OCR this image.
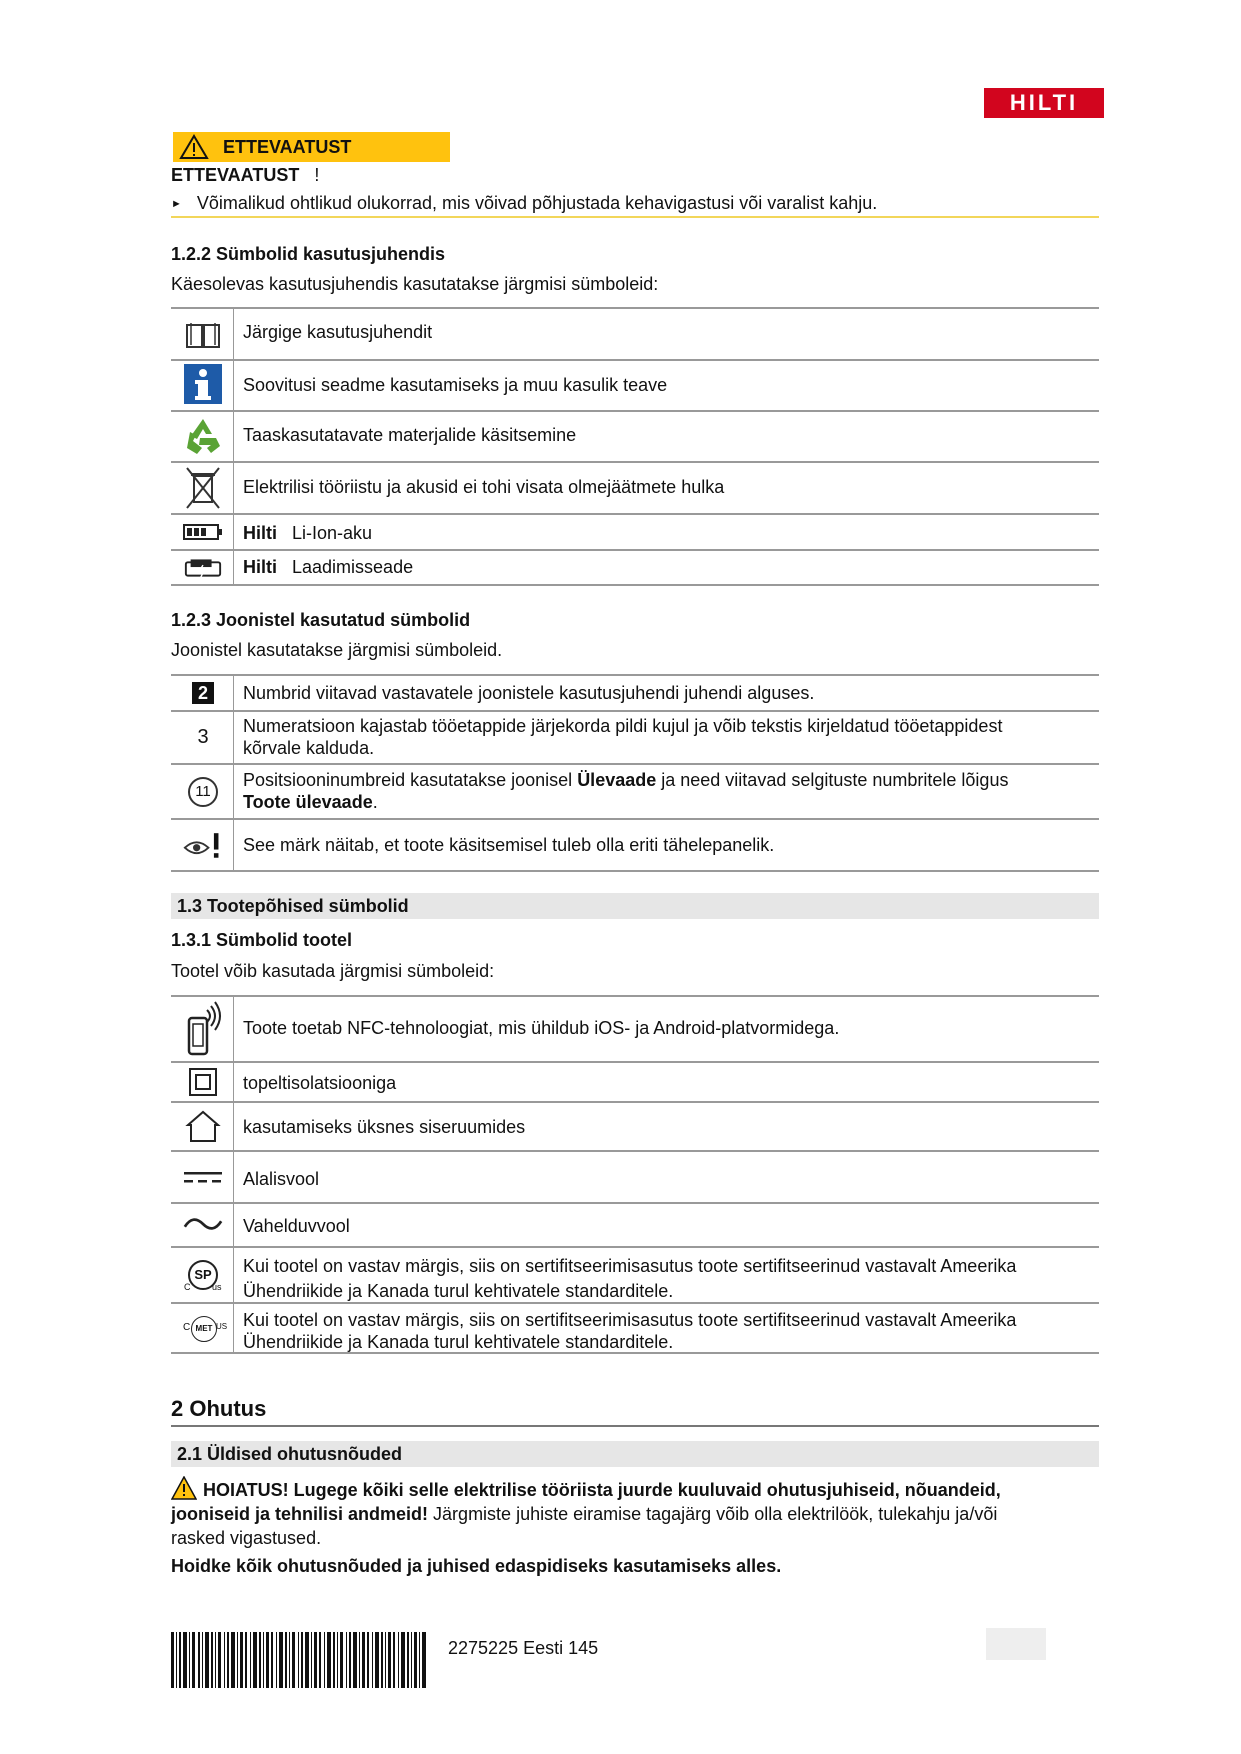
HILTI
ETTEVAATUST
ETTEVAATUST !
► Võimalikud ohtlikud olukorrad, mis võivad põhjustada kehavigastusi või varalist kahju.
1.2.2 Sümbolid kasutusjuhendis
Käesolevas kasutusjuhendis kasutatakse järgmisi sümboleid:
Järgige kasutusjuhendit
Soovitusi seadme kasutamiseks ja muu kasulik teave
Taaskasutatavate materjalide käsitsemine
Elektrilisi tööriistu ja akusid ei tohi visata olmejäätmete hulka
Hilti Li-Ion-aku
Hilti Laadimisseade
1.2.3 Joonistel kasutatud sümbolid
Joonistel kasutatakse järgmisi sümboleid.
2	Numbrid viitavad vastavatele joonistele kasutusjuhendi juhendi alguses.
3 Numeratsioon kajastab tööetappide järjekorda pildi kujul ja võib tekstis kirjeldatud tööetappidest
kõrvale kalduda.
11
Positsiooninumbreid kasutatakse joonisel Ülevaade ja need viitavad selgituste numbritele lõigus
Toote ülevaade.
See märk näitab, et toote käsitsemisel tuleb olla eriti tähelepanelik.
1.3 Tootepõhised sümbolid
1.3.1 Sümbolid tootel
Tootel võib kasutada järgmisi sümboleid:
Toote toetab NFC-tehnoloogiat, mis ühildub iOS- ja Android-platvormidega.
topeltisolatsiooniga
kasutamiseks üksnes siseruumides
Alalisvool
Vahelduvvool
SP
C us
Kui tootel on vastav märgis, siis on sertifitseerimisasutus toote sertifitseerinud vastavalt Ameerika
Ühendriikide ja Kanada turul kehtivatele standarditele.
C MET US Kui tootel on vastav märgis, siis on sertifitseerimisasutus toote sertifitseerinud vastavalt Ameerika
Ühendriikide ja Kanada turul kehtivatele standarditele.
2 Ohutus
2.1 Üldised ohutusnõuded
HOIATUS! Lugege kõiki selle elektrilise tööriista juurde kuuluvaid ohutusjuhiseid, nõuandeid,
jooniseid ja tehnilisi andmeid! Järgmiste juhiste eiramise tagajärg võib olla elektrilöök, tulekahju ja/või
rasked vigastused.
Hoidke kõik ohutusnõuded ja juhised edaspidiseks kasutamiseks alles.
2275225 Eesti 145
